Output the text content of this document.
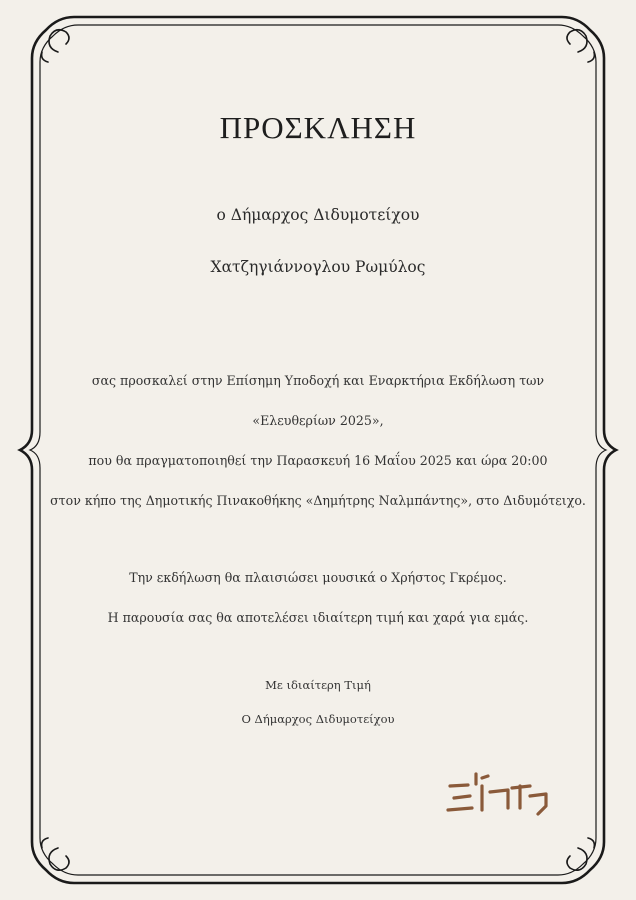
ΠΡΟΣΚΛΗΣΗ
ο Δήμαρχος Διδυμοτείχου
Χατζηγιάννογλου Ρωμύλος
σας προσκαλεί στην Επίσημη Υποδοχή και Εναρκτήρια Εκδήλωση των
«Ελευθερίων 2025»,
που θα πραγματοποιηθεί την Παρασκευή 16 Μαΐου 2025 και ώρα 20:00
στον κήπο της Δημοτικής Πινακοθήκης «Δημήτρης Ναλμπάντης», στο Διδυμότειχο.
Την εκδήλωση θα πλαισιώσει μουσικά ο Χρήστος Γκρέμος.
Η παρουσία σας θα αποτελέσει ιδιαίτερη τιμή και χαρά για εμάς.
Με ιδιαίτερη Τιμή
Ο Δήμαρχος Διδυμοτείχου
